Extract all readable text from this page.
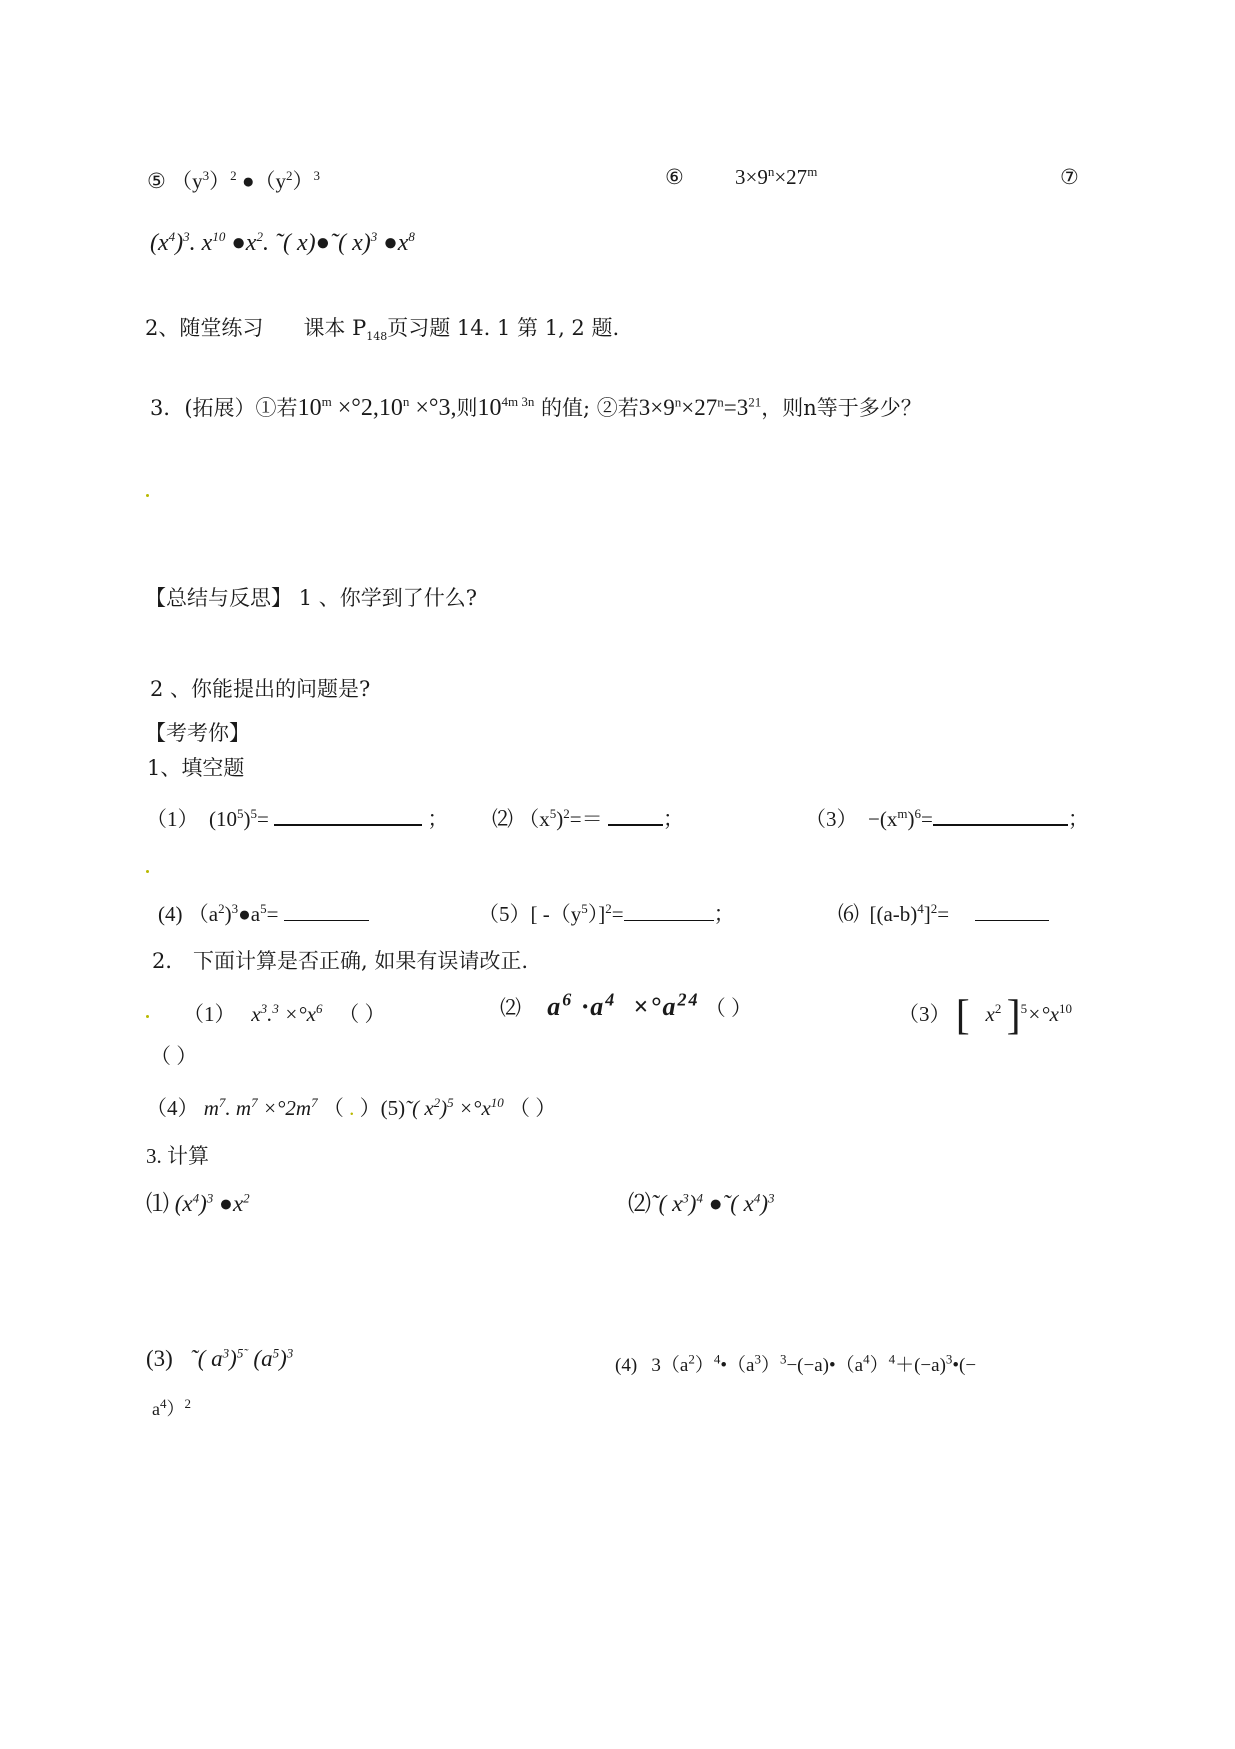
⑤ $(y^3)^2$ $●(y^2)^3$	⑥ $3\times 9^n\times 27^m$	⑦
$(x^4)^3$. $x^{10}$ $●x^2$. ˜( x)●˜( x)$^3$ $●x^8$
2、随堂练习 课本 $P_{148}$页习题 14. 1 第 1, 2 题.
3．(拓展）①若$10^m \times^\circ 2,10^n \times^\circ 3$,则$10^{4m 3n}$ 的值; ②若$3\times 9^n\times 27^n=3^{21}$，则n等于多少？
【总结与反思】 1 、你学到了什么?
2 、你能提出的问题是?
【考考你】
1、填空题
（1） $(10^5)^5=$	； ⑵ $(x^5)^2==$	；	$(3) -(x^m)^6=$	；
(4) $(a^2)^3●a^5=$	（5）[ $-(y^5)]^2=$	；	⑹ $[(a-b)^4]^2=$
2． 下面计算是否正确, 如果有误请改正.
（1） $x^3.^3 \times^\circ x^6$ （ ）	⑵ $a^6 \cdot a^4 \times^\circ a^{24}$ （ ）	（3） [ $x^2$ ]$^5\times^\circ x^{10}$
（ ）
（4） $m^7$. $m^7 \times^\circ 2m^7$ （ . ）(5)˜( $x^2)^5 \times^\circ x^{10}$ （ ）
3. 计算
⑴ $(x^4)^3$ $●x^2$	⑵˜( $x^3)^4$ ●˜( $x^4)^3$
(3) ˜( $a^3)^{5˜}$ $(a^5)^3$
(4) $3(a^2)^4•(a^3)^3-(-a)•(a^4)^4+(-a)^3•(-$
$a^4)^2$
